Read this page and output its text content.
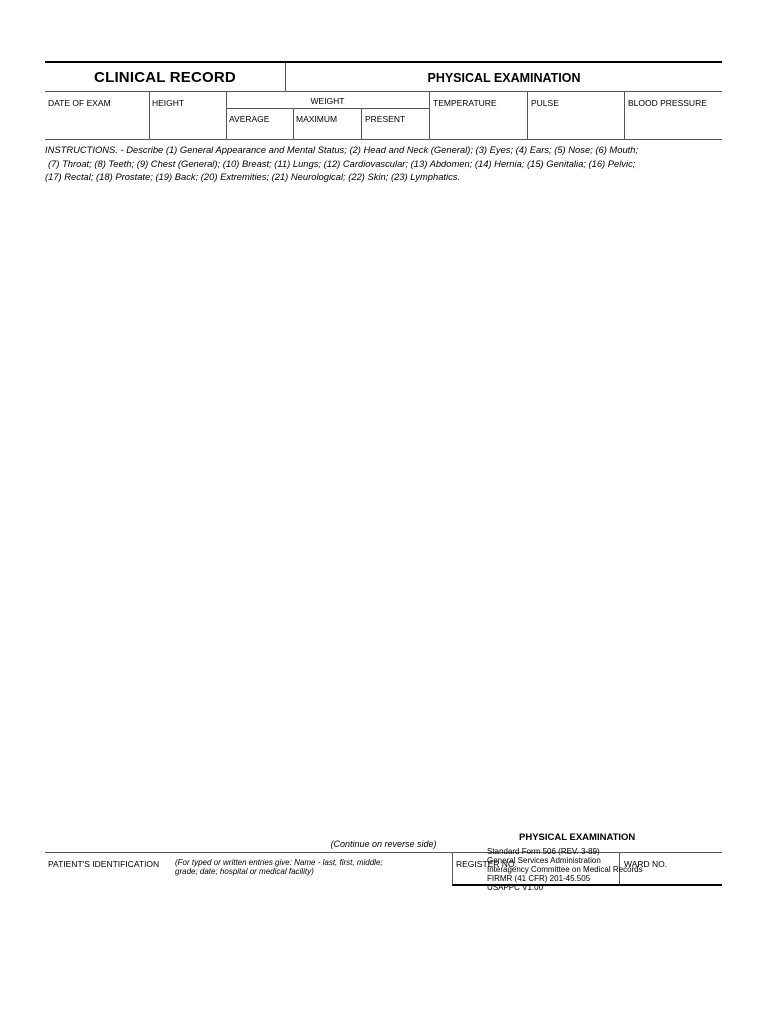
CLINICAL RECORD	PHYSICAL EXAMINATION
DATE OF EXAM	HEIGHT	WEIGHT
AVERAGE	MAXIMUM	PRESENT
TEMPERATURE	PULSE	BLOOD PRESSURE
INSTRUCTIONS. - Describe (1) General Appearance and Mental Status; (2) Head and Neck (General); (3) Eyes; (4) Ears; (5) Nose; (6) Mouth;
(7) Throat; (8) Teeth; (9) Chest (General); (10) Breast; (11) Lungs; (12) Cardiovascular; (13) Abdomen; (14) Hernia; (15) Genitalia; (16) Pelvic;
(17) Rectal; (18) Prostate; (19) Back; (20) Extremities; (21) Neurological; (22) Skin; (23) Lymphatics.
(Continue on reverse side)
PATIENT'S IDENTIFICATION (For typed or written entries give: Name - last, first, middle;
grade; date; hospital or medical facility)
REGISTER NO.	WARD NO.
PHYSICAL EXAMINATION
Standard Form 506 (REV. 3-89)
General Services Administration
Interagency Committee on Medical Records
FIRMR (41 CFR) 201-45.505
USAPPC V1.00
